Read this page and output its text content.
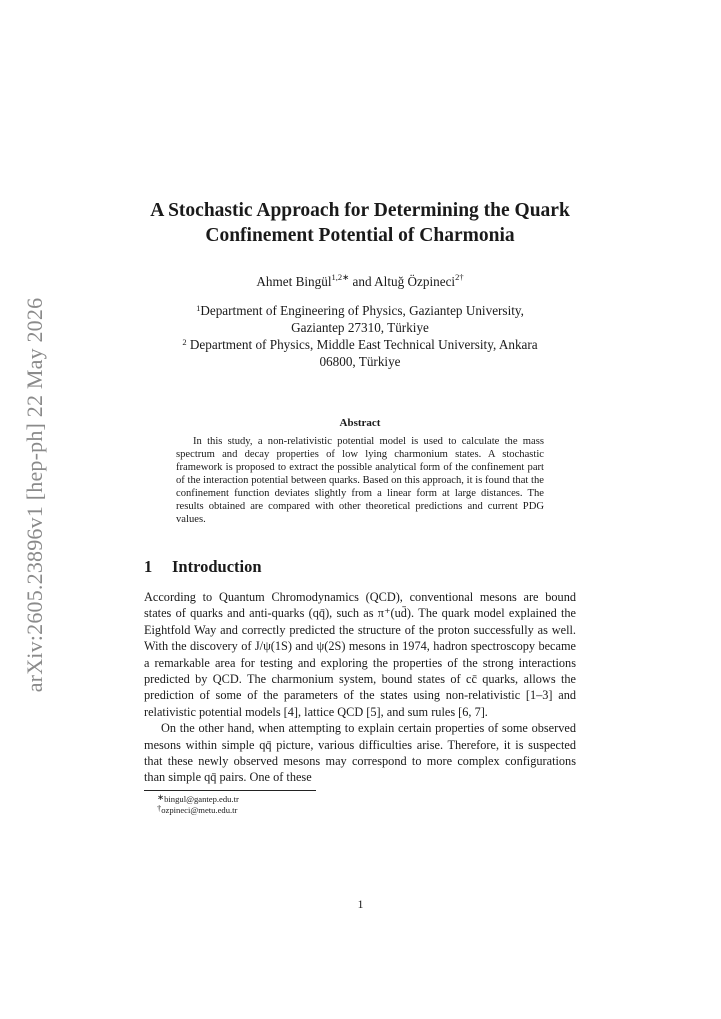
arXiv:2605.23896v1 [hep-ph] 22 May 2026
A Stochastic Approach for Determining the Quark
Confinement Potential of Charmonia
Ahmet Bingül$^{1,2∗}$ and Altuğ Özpineci$^{2\dagger}$
$^1$Department of Engineering of Physics, Gaziantep University,
Gaziantep 27310, Türkiye
$^2$ Department of Physics, Middle East Technical University, Ankara
06800, Türkiye
Abstract

In this study, a non-relativistic potential model is used to calculate the mass spectrum and decay properties of low lying charmonium states. A stochastic framework is proposed to extract the possible analytical form of the confinement part of the interaction potential between quarks. Based on this approach, it is found that the confinement function deviates slightly from a linear form at large distances. The results obtained are compared with other theoretical predictions and current PDG values.

1 Introduction

According to Quantum Chromodynamics (QCD), conventional mesons are bound states of quarks and anti-quarks (qq̄), such as π⁺(ud̄). The quark model explained the Eightfold Way and correctly predicted the structure of the proton successfully as well. With the discovery of J/ψ(1S) and ψ(2S) mesons in 1974, hadron spectroscopy became a remarkable area for testing and exploring the properties of the strong interactions predicted by QCD. The charmonium system, bound states of cc̄ quarks, allows the prediction of some of the parameters of the states using non-relativistic [1–3] and relativistic potential models [4], lattice QCD [5], and sum rules [6, 7].

On the other hand, when attempting to explain certain properties of some observed mesons within simple qq̄ picture, various difficulties arise. Therefore, it is suspected that these newly observed mesons may correspond to more complex configurations than simple qq̄ pairs. One of these

∗bingul@gantep.edu.tr
†ozpineci@metu.edu.tr
1
